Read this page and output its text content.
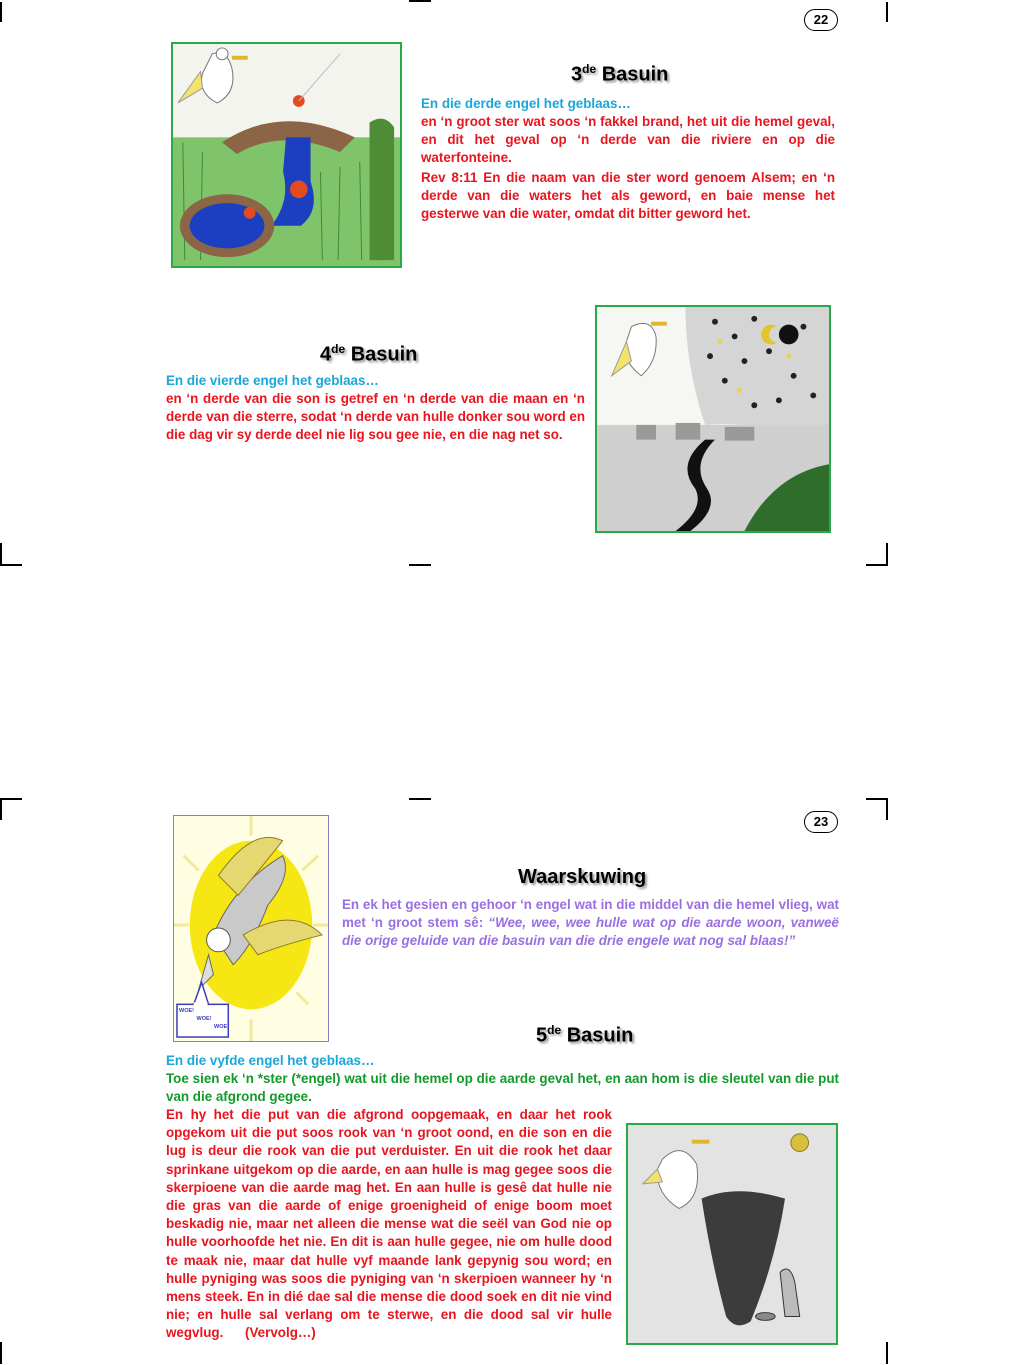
22
3de Basuin

En die derde engel het geblaas…

en ‘n groot ster wat soos ‘n fakkel brand, het uit die hemel geval, en dit het geval op ‘n derde van die riviere en op die waterfonteine.

Rev 8:11 En die naam van die ster word genoem Alsem; en ‘n derde van die waters het als geword, en baie mense het gesterwe van die water, omdat dit bitter geword het.

4de Basuin

En die vierde engel het geblaas…

en ‘n derde van die son is getref en ‘n derde van die maan en ‘n derde van die sterre, sodat ‘n derde van hulle donker sou word en die dag vir sy derde deel nie lig sou gee nie, en die nag net so.

23
WOE!
WOE!
WOE!
Waarskuwing

En ek het gesien en gehoor ‘n engel wat in die middel van die hemel vlieg, wat met ‘n groot stem sê: “Wee, wee, wee hulle wat op die aarde woon, vanweë die orige geluide van die basuin van die drie engele wat nog sal blaas!”

5de Basuin

En die vyfde engel het geblaas…

Toe sien ek ‘n *ster (*engel) wat uit die hemel op die aarde geval het, en aan hom is die sleutel van die put van die afgrond gegee.

En hy het die put van die afgrond oopgemaak, en daar het rook opgekom uit die put soos rook van ‘n groot oond, en die son en die lug is deur die rook van die put verduister. En uit die rook het daar sprinkane uitgekom op die aarde, en aan hulle is mag gegee soos die skerpioene van die aarde mag het. En aan hulle is gesê dat hulle nie die gras van die aarde of enige groenigheid of enige boom moet beskadig nie, maar net alleen die mense wat die seël van God nie op hulle voorhoofde het nie. En dit is aan hulle gegee, nie om hulle dood te maak nie, maar dat hulle vyf maande lank gepynig sou word; en hulle pyniging was soos die pyniging van ‘n skerpioen wanneer hy ‘n mens steek. En in dié dae sal die mense die dood soek en dit nie vind nie; en hulle sal verlang om te sterwe, en die dood sal vir hulle wegvlug. (Vervolg…)
